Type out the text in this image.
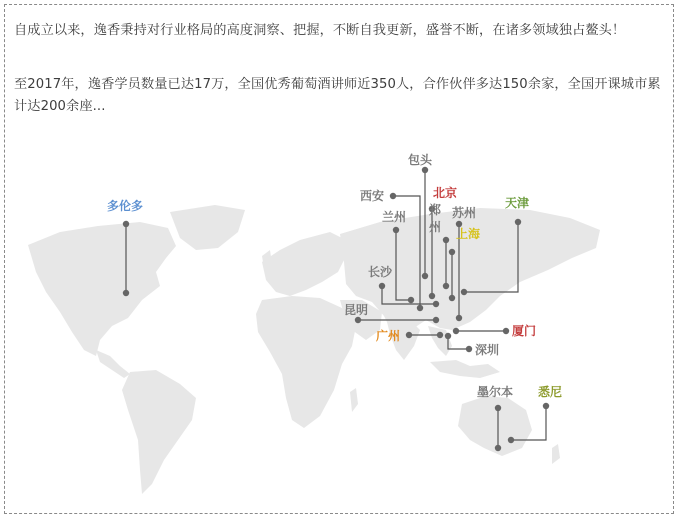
自成立以来，逸香秉持对行业格局的高度洞察、把握，不断自我更新，盛誉不断，在诸多领域独占鳌头！

至2017年，逸香学员数量已达17万，全国优秀葡萄酒讲师近350人，合作伙伴多达150余家，全国开课城市累计达200余座...

多伦多
包头
西安	北京
兰州 郑
州
苏州
天津
上海
长沙
昆明
广州	厦门
深圳
墨尔本 悉尼
